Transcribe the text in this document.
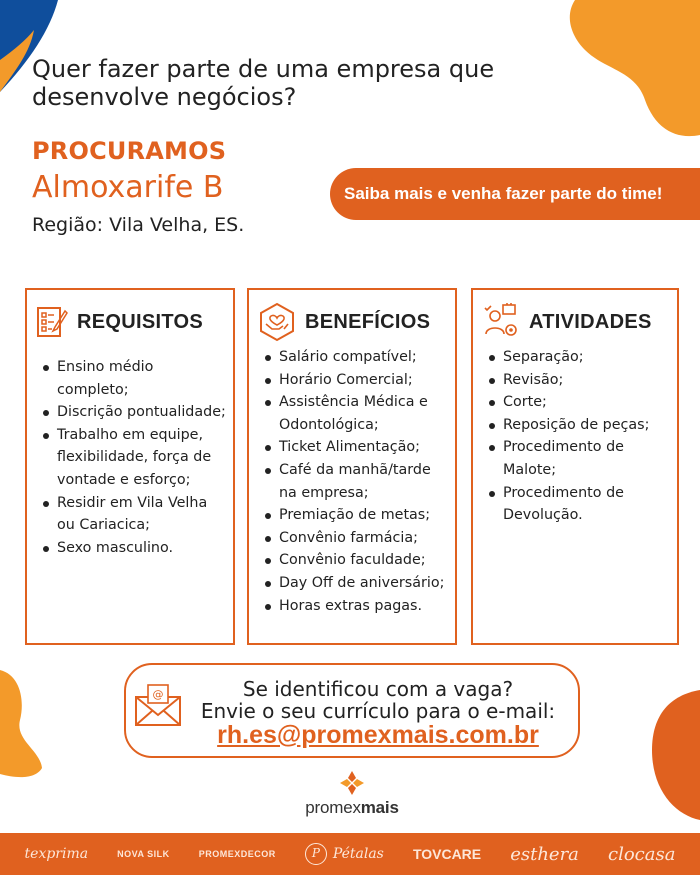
Quer fazer parte de uma empresa que desenvolve negócios?
PROCURAMOS
Almoxarife B
Região: Vila Velha, ES.
Saiba mais e venha fazer parte do time!
REQUISITOS
Ensino médio completo;
Discrição pontualidade;
Trabalho em equipe, flexibilidade, força de vontade e esforço;
Residir em Vila Velha ou Cariacica;
Sexo masculino.
BENEFÍCIOS
Salário compatível;
Horário Comercial;
Assistência Médica e Odontológica;
Ticket Alimentação;
Café da manhã/tarde na empresa;
Premiação de metas;
Convênio farmácia;
Convênio faculdade;
Day Off de aniversário;
Horas extras pagas.
ATIVIDADES
Separação;
Revisão;
Corte;
Reposição de peças;
Procedimento de Malote;
Procedimento de Devolução.
@	Se identificou com a vaga?
Envie o seu currículo para o e-mail:
rh.es@promexmais.com.br
promexmais
texprima	NOVA SILK	PROMEXDECOR
P	Pétalas TOVCARE esthera clocasa
